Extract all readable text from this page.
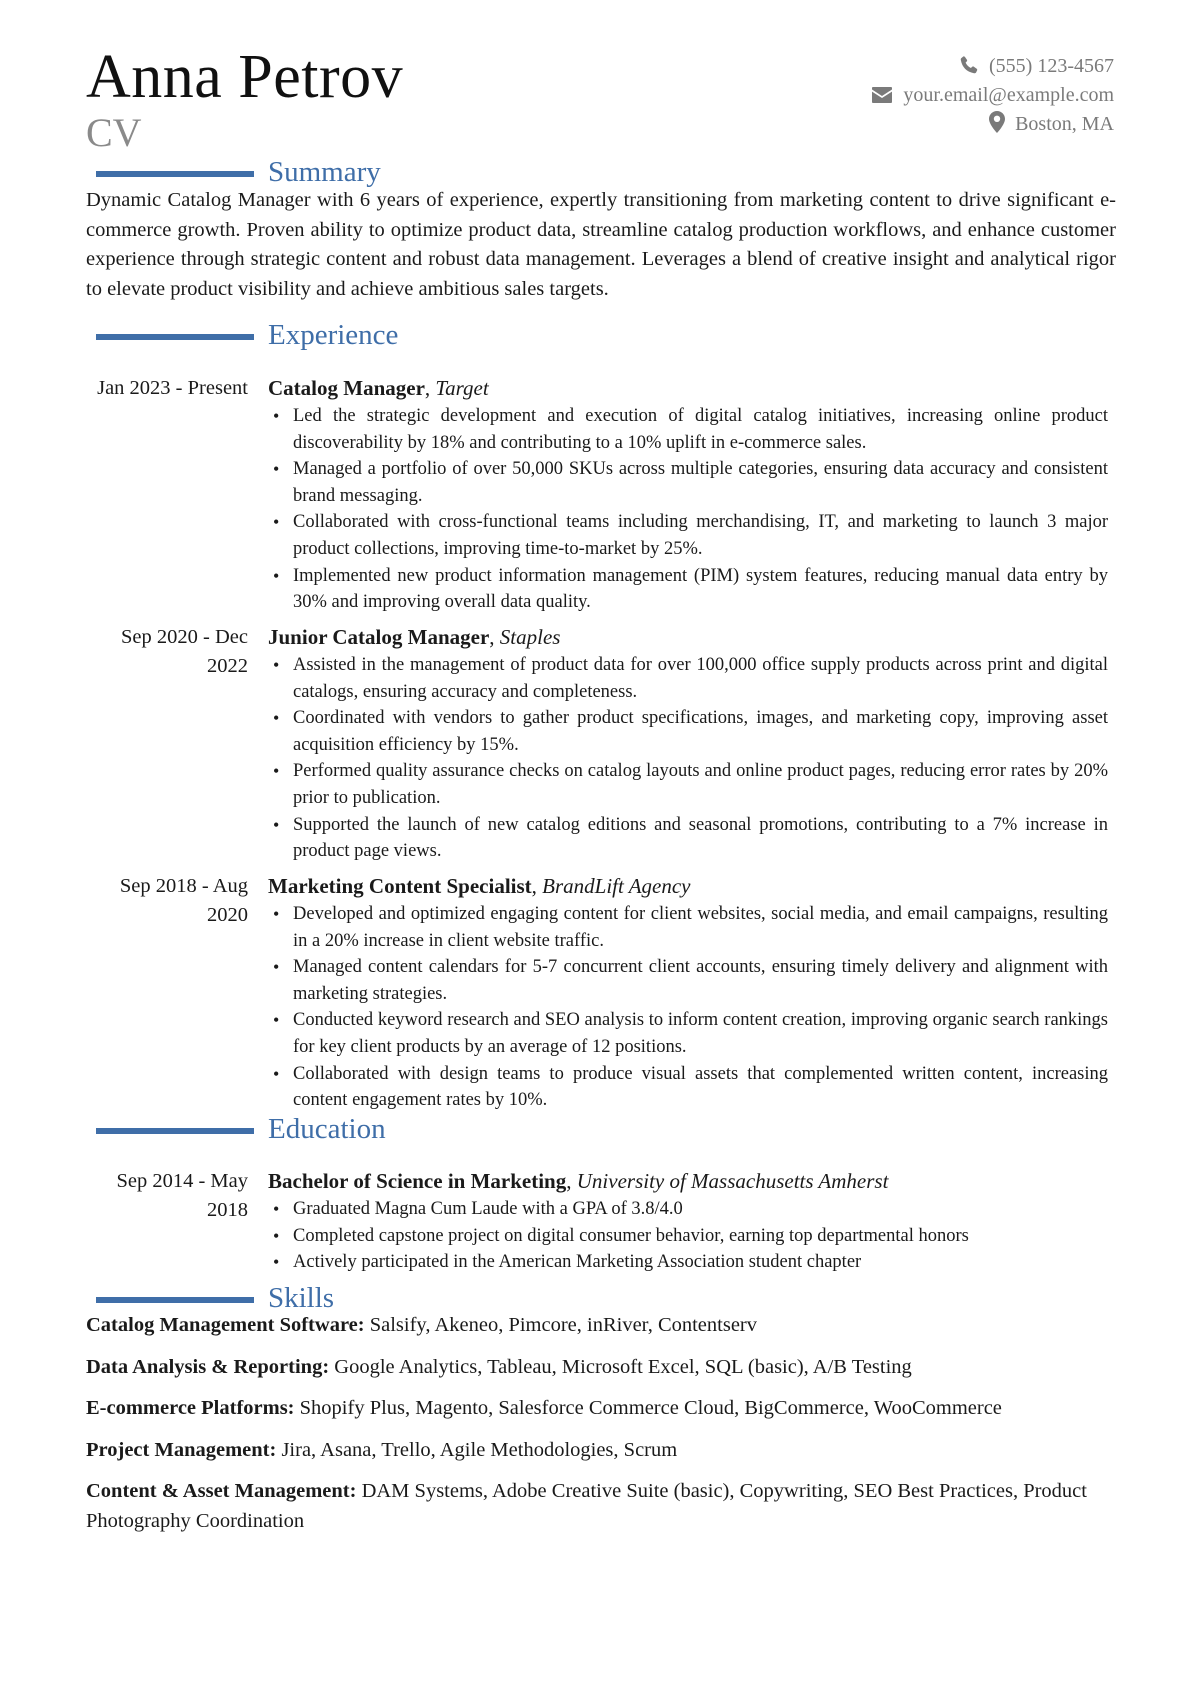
Anna Petrov
CV
(555) 123-4567
your.email@example.com
Boston, MA
Summary
Dynamic Catalog Manager with 6 years of experience, expertly transitioning from marketing content to drive significant e-commerce growth. Proven ability to optimize product data, streamline catalog production workflows, and enhance customer experience through strategic content and robust data management. Leverages a blend of creative insight and analytical rigor to elevate product visibility and achieve ambitious sales targets.
Experience
Jan 2023 - Present Catalog Manager, Target
• Led the strategic development and execution of digital catalog initiatives, increasing online product discoverability by 18% and contributing to a 10% uplift in e-commerce sales.
• Managed a portfolio of over 50,000 SKUs across multiple categories, ensuring data accuracy and consistent brand messaging.
• Collaborated with cross-functional teams including merchandising, IT, and marketing to launch 3 major product collections, improving time-to-market by 25%.
• Implemented new product information management (PIM) system features, reducing manual data entry by 30% and improving overall data quality.
Sep 2020 - Dec 2022
Junior Catalog Manager, Staples
• Assisted in the management of product data for over 100,000 office supply products across print and digital catalogs, ensuring accuracy and completeness.
• Coordinated with vendors to gather product specifications, images, and marketing copy, improving asset acquisition efficiency by 15%.
• Performed quality assurance checks on catalog layouts and online product pages, reducing error rates by 20% prior to publication.
• Supported the launch of new catalog editions and seasonal promotions, contributing to a 7% increase in product page views.
Sep 2018 - Aug 2020
Marketing Content Specialist, BrandLift Agency
• Developed and optimized engaging content for client websites, social media, and email campaigns, resulting in a 20% increase in client website traffic.
• Managed content calendars for 5-7 concurrent client accounts, ensuring timely delivery and alignment with marketing strategies.
• Conducted keyword research and SEO analysis to inform content creation, improving organic search rankings for key client products by an average of 12 positions.
• Collaborated with design teams to produce visual assets that complemented written content, increasing content engagement rates by 10%.
Education
Sep 2014 - May 2018
Bachelor of Science in Marketing, University of Massachusetts Amherst
• Graduated Magna Cum Laude with a GPA of 3.8/4.0
• Completed capstone project on digital consumer behavior, earning top departmental honors
• Actively participated in the American Marketing Association student chapter
Skills
Catalog Management Software: Salsify, Akeneo, Pimcore, inRiver, Contentserv
Data Analysis & Reporting: Google Analytics, Tableau, Microsoft Excel, SQL (basic), A/B Testing
E-commerce Platforms: Shopify Plus, Magento, Salesforce Commerce Cloud, BigCommerce, WooCommerce
Project Management: Jira, Asana, Trello, Agile Methodologies, Scrum
Content & Asset Management: DAM Systems, Adobe Creative Suite (basic), Copywriting, SEO Best Practices, Product Photography Coordination
